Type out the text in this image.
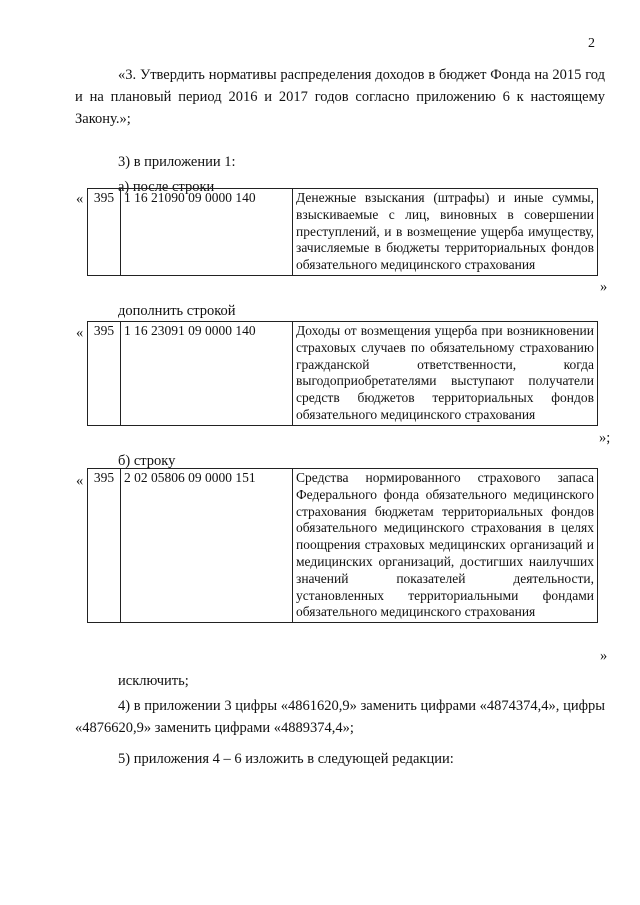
2

«3. Утвердить нормативы распределения доходов в бюджет Фонда на 2015 год и на плановый период 2016 и 2017 годов согласно приложению 6 к настоящему Закону.»;

3) в приложении 1:

а) после строки
« 395	1 16 21090 09 0000 140	Денежные взыскания (штрафы) и иные суммы, взыскиваемые с лиц, виновных в совершении преступлений, и в возмещение ущерба имуществу, зачисляемые в бюджеты территориальных фондов обязательного медицинского страхования
»
дополнить строкой
« 395	1 16 23091 09 0000 140	Доходы от возмещения ущерба при возникновении страховых случаев по обязательному страхованию гражданской ответственности, когда выгодоприобретателями выступают получатели средств бюджетов территориальных фондов обязательного медицинского страхования
»;
б) строку
« 395	2 02 05806 09 0000 151	Средства нормированного страхового запаса Федерального фонда обязательного медицинского страхования бюджетам территориальных фондов обязательного медицинского страхования в целях поощрения страховых медицинских организаций и медицинских организаций, достигших наилучших значений показателей деятельности, установленных территориальными фондами обязательного медицинского страхования
»
исключить;

4) в приложении 3 цифры «4861620,9» заменить цифрами «4874374,4», цифры «4876620,9» заменить цифрами «4889374,4»;

5) приложения 4 – 6 изложить в следующей редакции:
